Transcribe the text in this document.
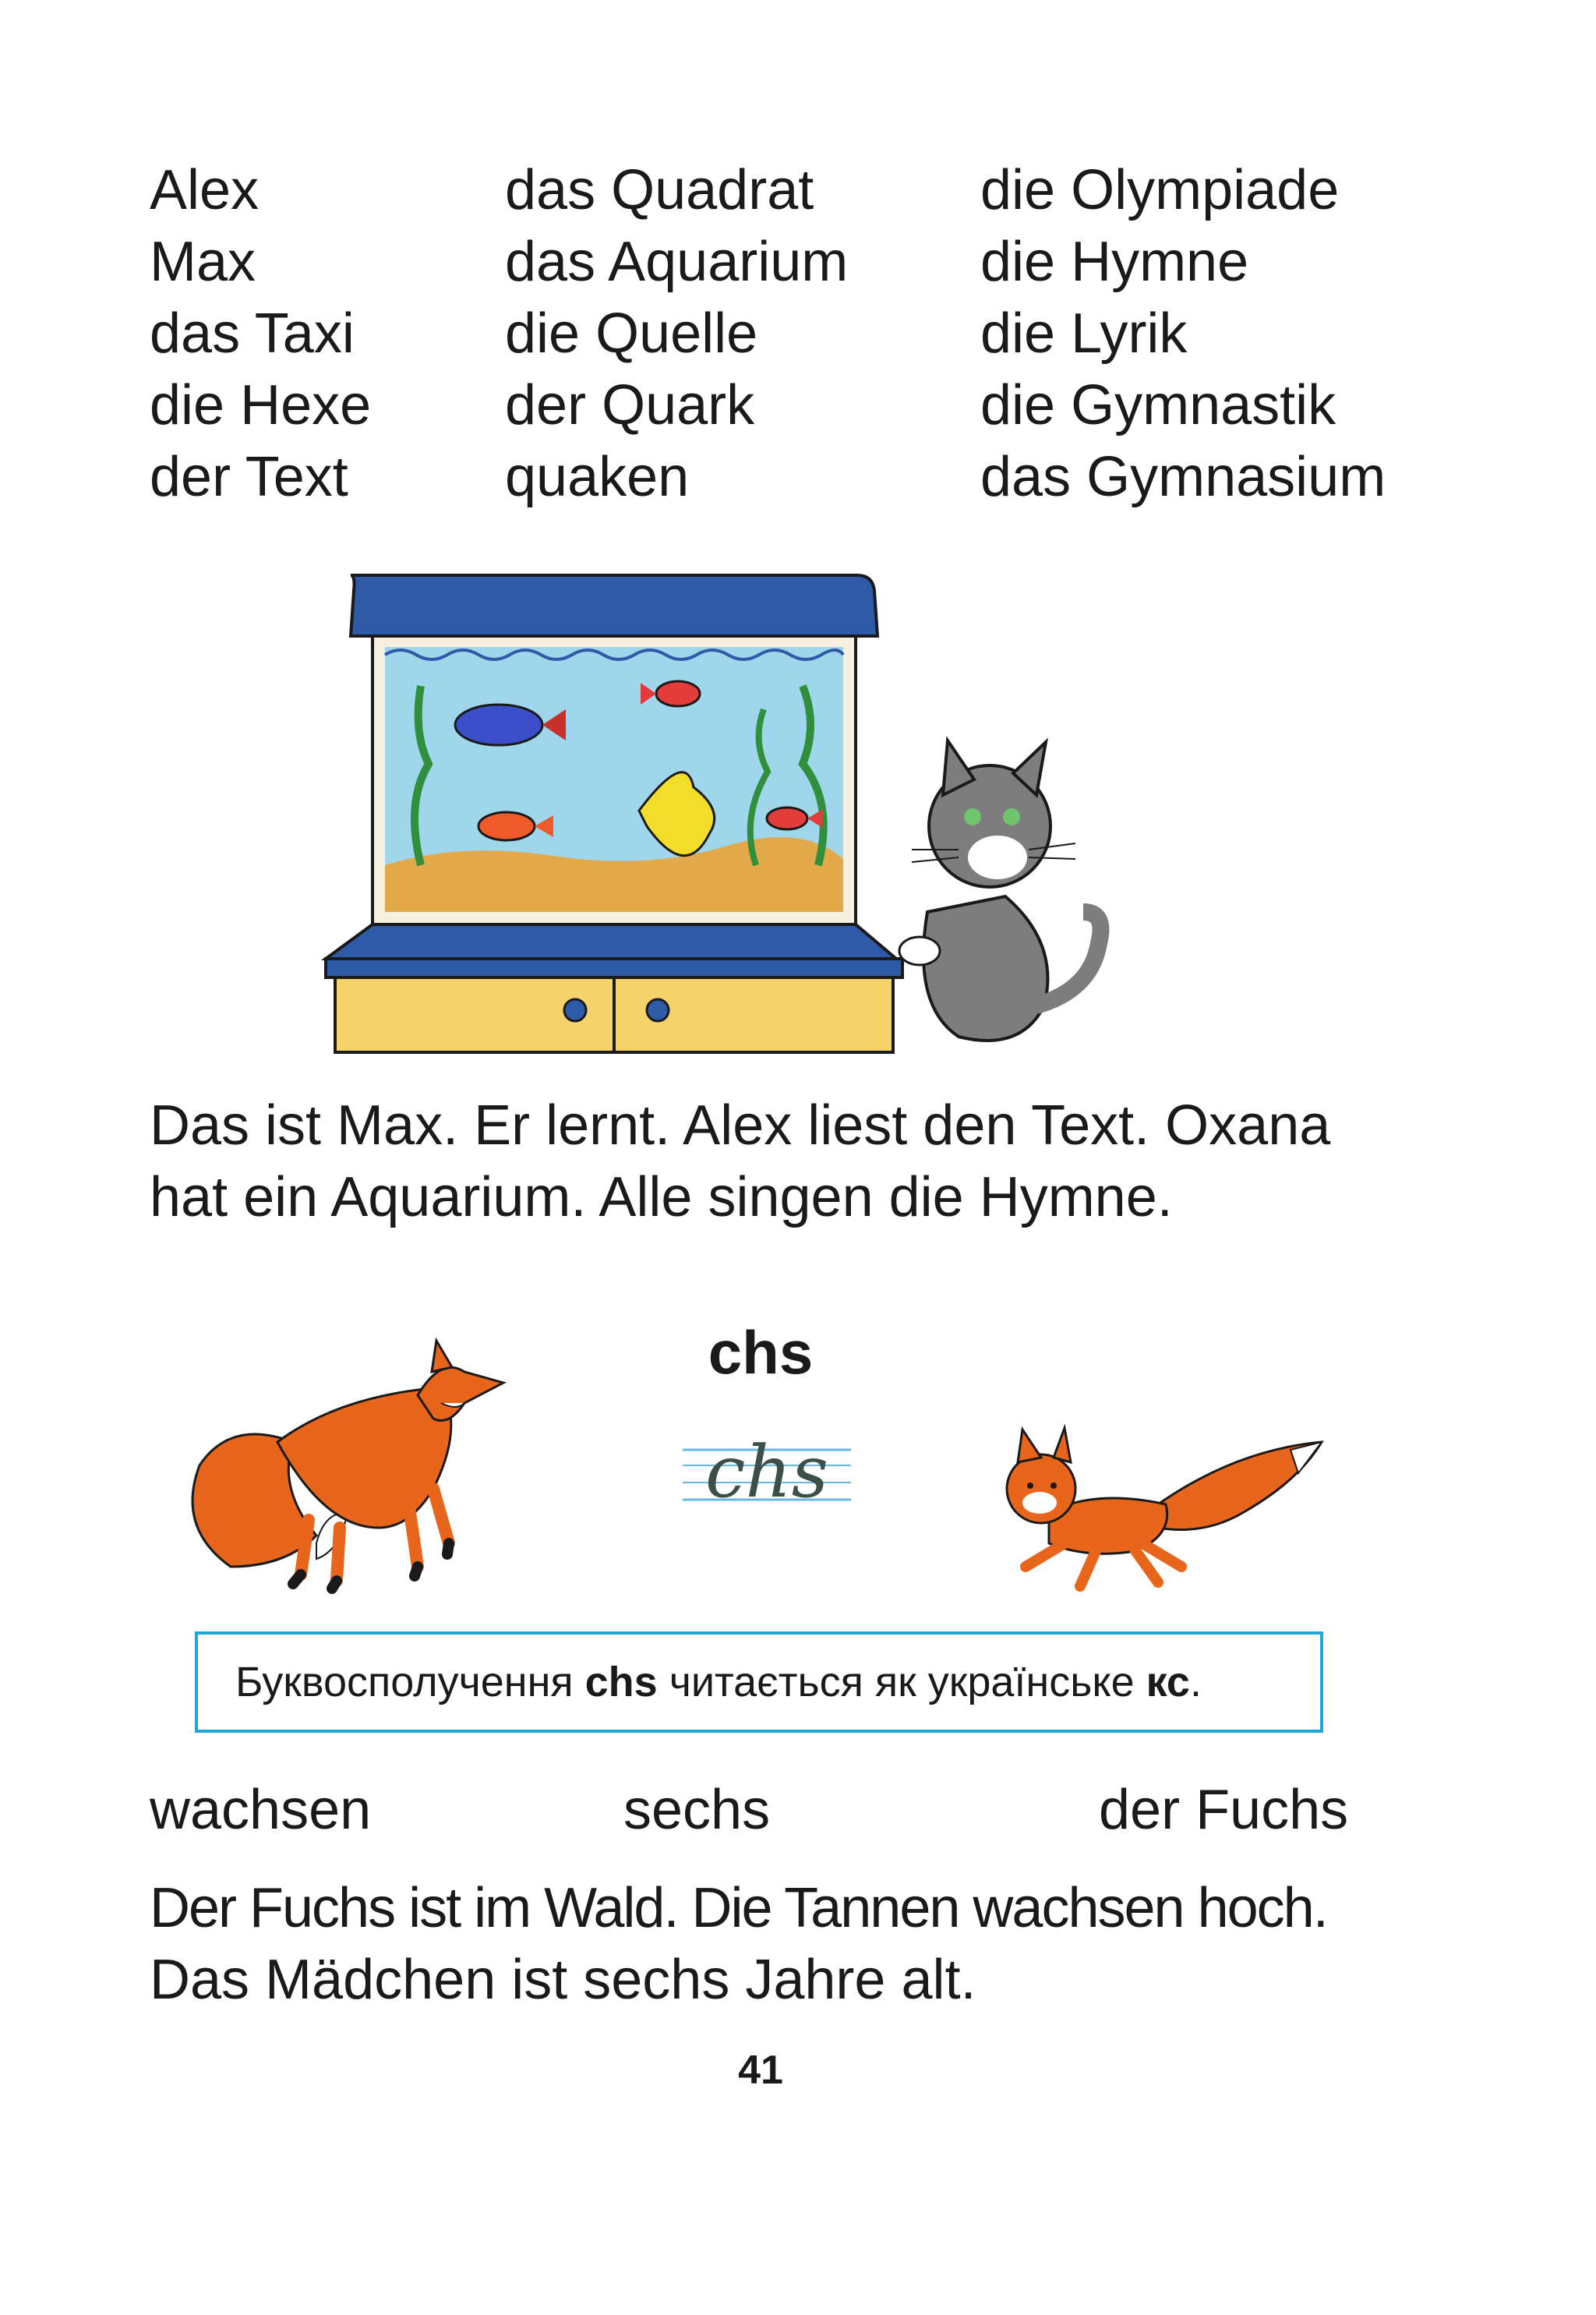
Alex
Max
das Taxi
die Hexe
der Text
das Quadrat
das Aquarium
die Quelle
der Quark
quaken
die Olympiade
die Hymne
die Lyrik
die Gymnastik
das Gymnasium
Das ist Max. Er lernt. Alex liest den Text. Oxana
hat ein Aquarium. Alle singen die Hymne.
chs
chs
Буквосполучення chs читається як українське кс.
wachsen	sechs	der Fuchs
Der Fuchs ist im Wald. Die Tannen wachsen hoch.
Das Mädchen ist sechs Jahre alt.
41
